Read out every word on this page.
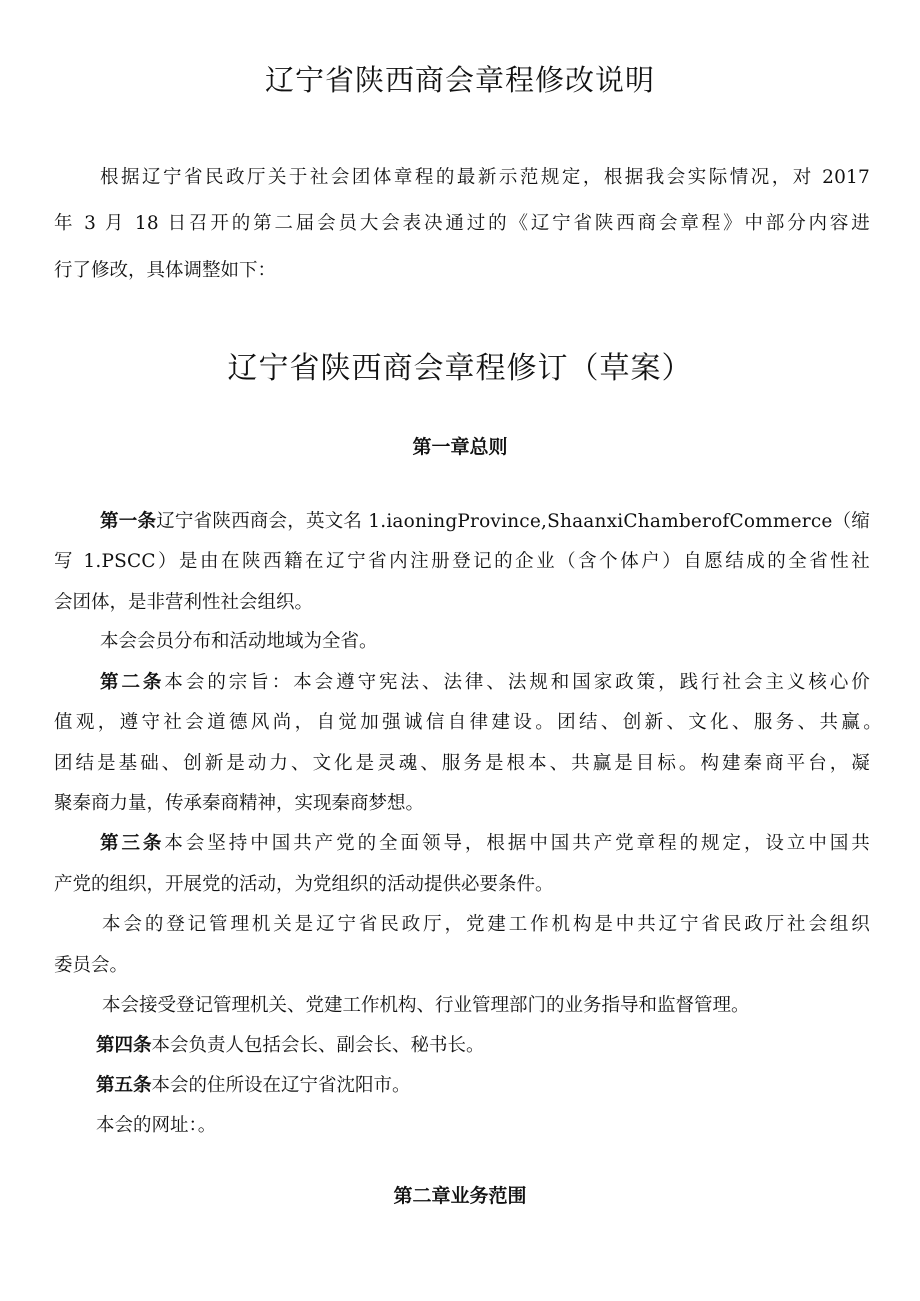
辽宁省陕西商会章程修改说明
根据辽宁省民政厅关于社会团体章程的最新示范规定，根据我会实际情况，对 2017
年 3 月 18 日召开的第二届会员大会表决通过的《辽宁省陕西商会章程》中部分内容进
行了修改，具体调整如下：
辽宁省陕西商会章程修订（草案）
第一章总则
第一条辽宁省陕西商会，英文名 1.iaoningProvince,ShaanxiChamberofCommerce（缩
写 1.PSCC）是由在陕西籍在辽宁省内注册登记的企业（含个体户）自愿结成的全省性社
会团体，是非营利性社会组织。
本会会员分布和活动地域为全省。
第二条本会的宗旨：本会遵守宪法、法律、法规和国家政策，践行社会主义核心价
值观，遵守社会道德风尚，自觉加强诚信自律建设。团结、创新、文化、服务、共赢。
团结是基础、创新是动力、文化是灵魂、服务是根本、共赢是目标。构建秦商平台，凝
聚秦商力量，传承秦商精神，实现秦商梦想。
第三条本会坚持中国共产党的全面领导，根据中国共产党章程的规定，设立中国共
产党的组织，开展党的活动，为党组织的活动提供必要条件。
本会的登记管理机关是辽宁省民政厅，党建工作机构是中共辽宁省民政厅社会组织
委员会。
本会接受登记管理机关、党建工作机构、行业管理部门的业务指导和监督管理。
第四条本会负责人包括会长、副会长、秘书长。
第五条本会的住所设在辽宁省沈阳市。
本会的网址：。
第二章业务范围
